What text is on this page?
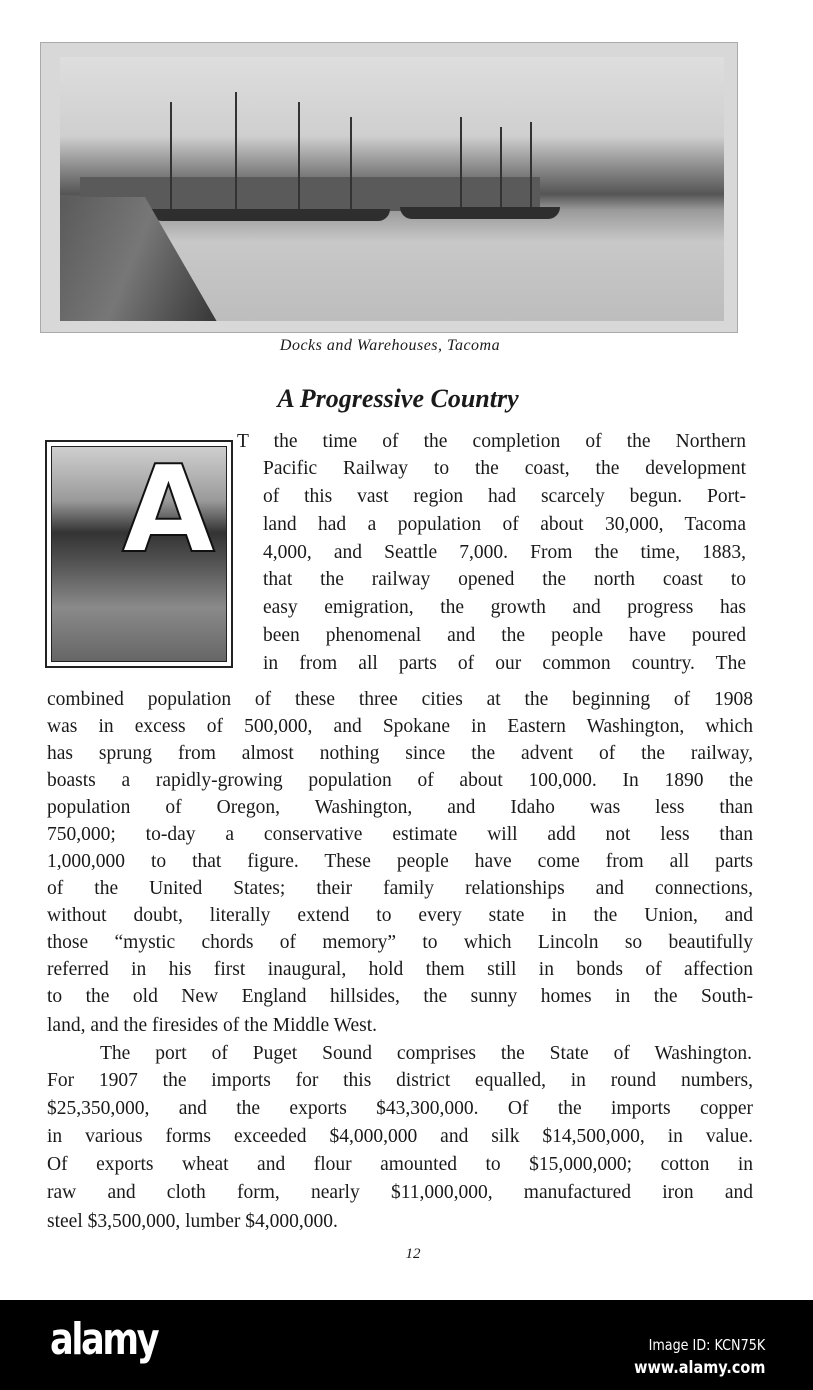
Docks and Warehouses, Tacoma
A Progressive Country
A T the time of the completion of the Northern
Pacific Railway to the coast, the development
of this vast region had scarcely begun. Port-
land had a population of about 30,000, Tacoma
4,000, and Seattle 7,000. From the time, 1883,
that the railway opened the north coast to
easy emigration, the growth and progress has
been phenomenal and the people have poured
in from all parts of our common country. The
combined population of these three cities at the beginning of 1908
was in excess of 500,000, and Spokane in Eastern Washington, which
has sprung from almost nothing since the advent of the railway,
boasts a rapidly-growing population of about 100,000. In 1890 the
population of Oregon, Washington, and Idaho was less than
750,000; to-day a conservative estimate will add not less than
1,000,000 to that figure. These people have come from all parts
of the United States; their family relationships and connections,
without doubt, literally extend to every state in the Union, and
those “mystic chords of memory” to which Lincoln so beautifully
referred in his first inaugural, hold them still in bonds of affection
to the old New England hillsides, the sunny homes in the South-
land, and the firesides of the Middle West.
The port of Puget Sound comprises the State of Washington.
For 1907 the imports for this district equalled, in round numbers,
$25,350,000, and the exports $43,300,000. Of the imports copper
in various forms exceeded $4,000,000 and silk $14,500,000, in value.
Of exports wheat and flour amounted to $15,000,000; cotton in
raw and cloth form, nearly $11,000,000, manufactured iron and
steel $3,500,000, lumber $4,000,000.
12
alamy	Image ID: KCN75K
www.alamy.com
